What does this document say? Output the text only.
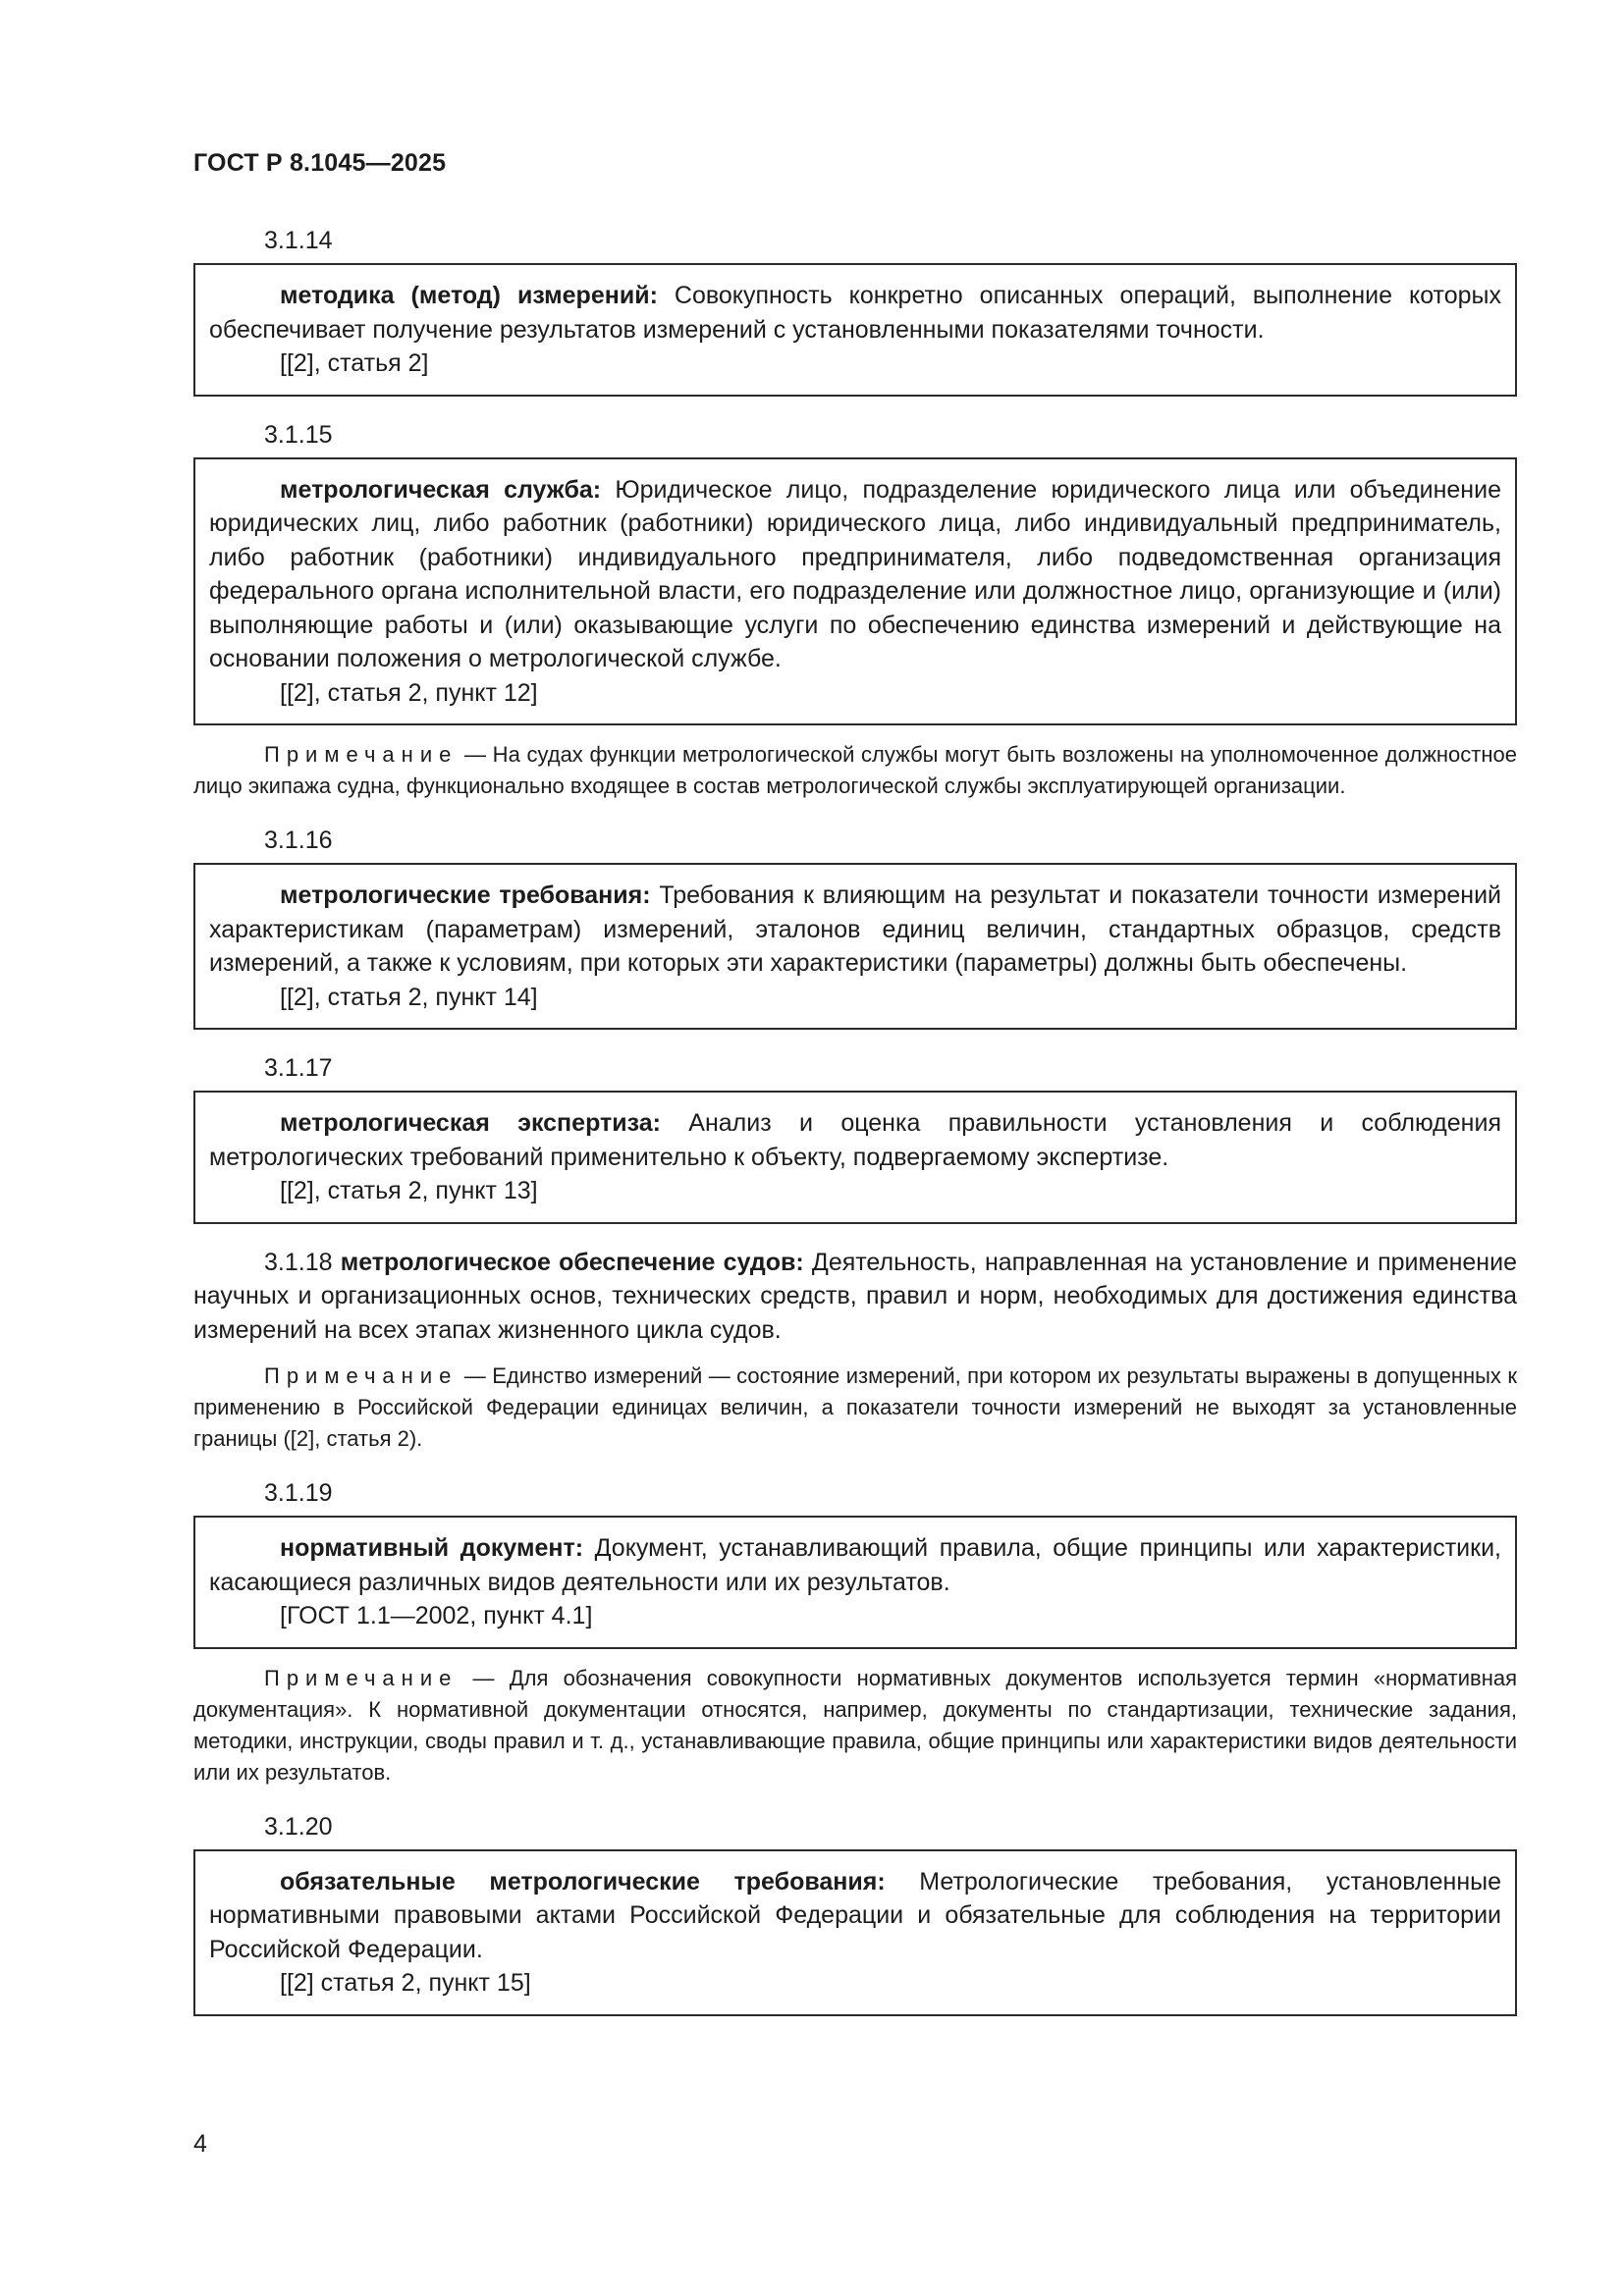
ГОСТ Р 8.1045—2025
3.1.14

методика (метод) измерений: Совокупность конкретно описанных операций, выполнение которых обеспечивает получение результатов измерений с установленными показателями точности.

[[2], статья 2]

3.1.15

метрологическая служба: Юридическое лицо, подразделение юридического лица или объединение юридических лиц, либо работник (работники) юридического лица, либо индивидуальный предприниматель, либо работник (работники) индивидуального предпринимателя, либо подведомственная организация федерального органа исполнительной власти, его подразделение или должностное лицо, организующие и (или) выполняющие работы и (или) оказывающие услуги по обеспечению единства измерений и действующие на основании положения о метрологической службе.

[[2], статья 2, пункт 12]

Примечание — На судах функции метрологической службы могут быть возложены на уполномоченное должностное лицо экипажа судна, функционально входящее в состав метрологической службы эксплуатирующей организации.

3.1.16

метрологические требования: Требования к влияющим на результат и показатели точности измерений характеристикам (параметрам) измерений, эталонов единиц величин, стандартных образцов, средств измерений, а также к условиям, при которых эти характеристики (параметры) должны быть обеспечены.

[[2], статья 2, пункт 14]

3.1.17

метрологическая экспертиза: Анализ и оценка правильности установления и соблюдения метрологических требований применительно к объекту, подвергаемому экспертизе.

[[2], статья 2, пункт 13]

3.1.18 метрологическое обеспечение судов: Деятельность, направленная на установление и применение научных и организационных основ, технических средств, правил и норм, необходимых для достижения единства измерений на всех этапах жизненного цикла судов.

Примечание — Единство измерений — состояние измерений, при котором их результаты выражены в допущенных к применению в Российской Федерации единицах величин, а показатели точности измерений не выходят за установленные границы ([2], статья 2).

3.1.19

нормативный документ: Документ, устанавливающий правила, общие принципы или характеристики, касающиеся различных видов деятельности или их результатов.

[ГОСТ 1.1—2002, пункт 4.1]

Примечание — Для обозначения совокупности нормативных документов используется термин «нормативная документация». К нормативной документации относятся, например, документы по стандартизации, технические задания, методики, инструкции, своды правил и т. д., устанавливающие правила, общие принципы или характеристики видов деятельности или их результатов.

3.1.20

обязательные метрологические требования: Метрологические требования, установленные нормативными правовыми актами Российской Федерации и обязательные для соблюдения на территории Российской Федерации.

[[2] статья 2, пункт 15]

4
